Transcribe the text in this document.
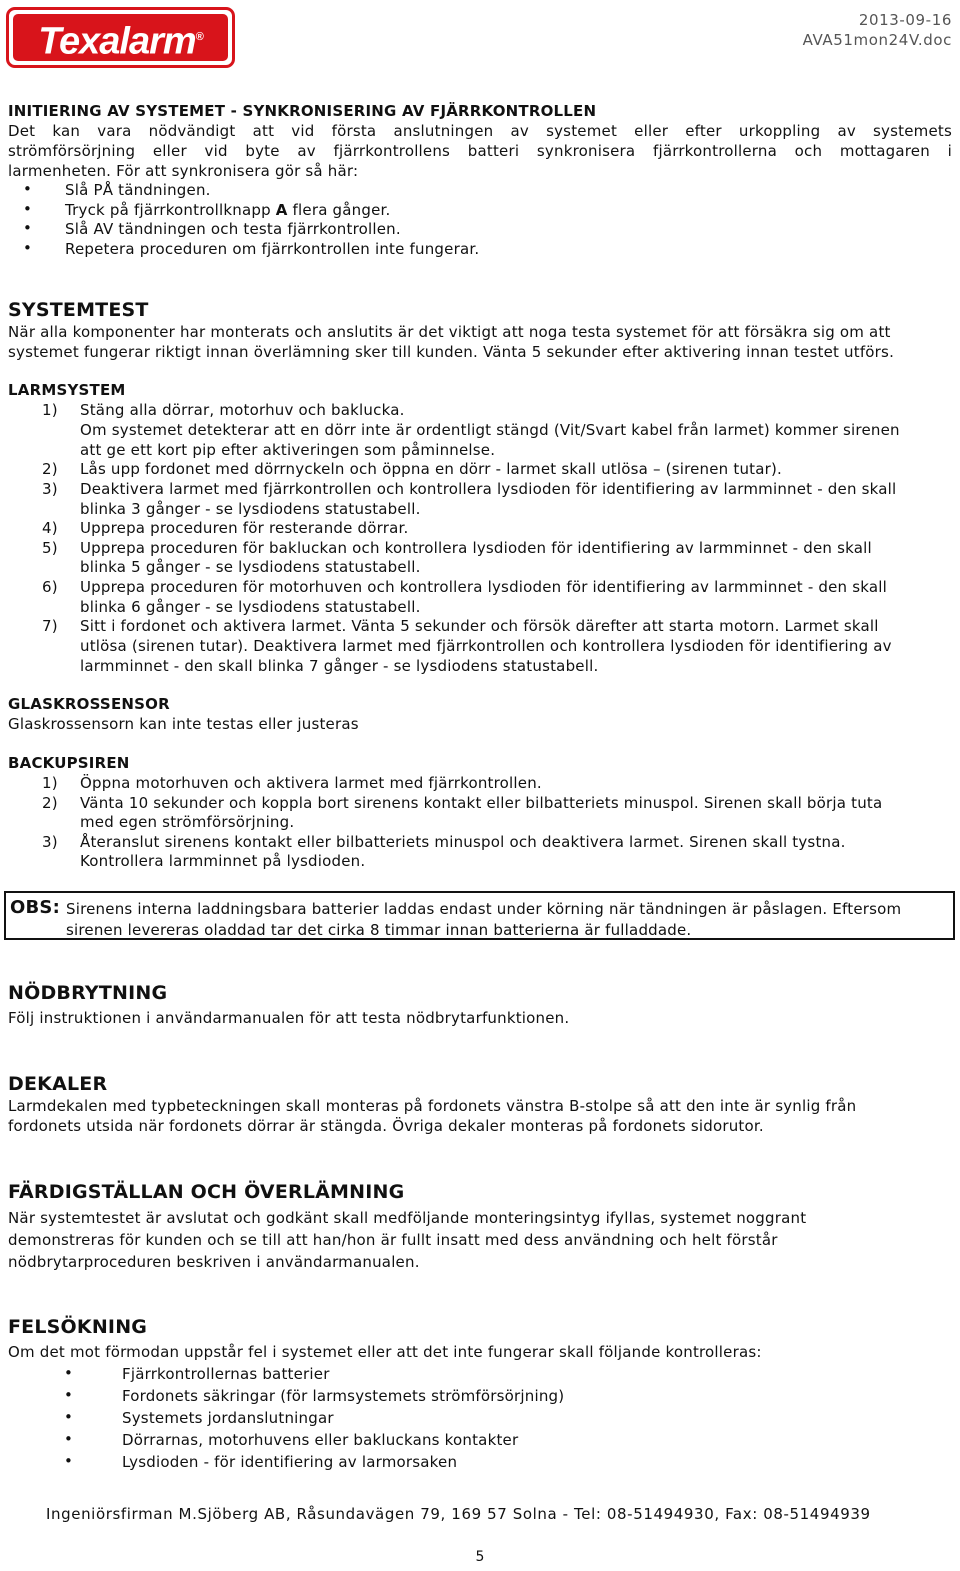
Texalarm®
2013-09-16
AVA51mon24V.doc
INITIERING AV SYSTEMET - SYNKRONISERING AV FJÄRRKONTROLLEN
Det kan vara nödvändigt att vid första anslutningen av systemet eller efter urkoppling av systemets
strömförsörjning eller vid byte av fjärrkontrollens batteri synkronisera fjärrkontrollerna och mottagaren i
larmenheten. För att synkronisera gör så här:
• Slå PÅ tändningen.
• Tryck på fjärrkontrollknapp A flera gånger.
• Slå AV tändningen och testa fjärrkontrollen.
• Repetera proceduren om fjärrkontrollen inte fungerar.
SYSTEMTEST
När alla komponenter har monterats och anslutits är det viktigt att noga testa systemet för att försäkra sig om att
systemet fungerar riktigt innan överlämning sker till kunden. Vänta 5 sekunder efter aktivering innan testet utförs.
LARMSYSTEM
1) Stäng alla dörrar, motorhuv och baklucka.
Om systemet detekterar att en dörr inte är ordentligt stängd (Vit/Svart kabel från larmet) kommer sirenen
att ge ett kort pip efter aktiveringen som påminnelse.
2) Lås upp fordonet med dörrnyckeln och öppna en dörr - larmet skall utlösa – (sirenen tutar).
3) Deaktivera larmet med fjärrkontrollen och kontrollera lysdioden för identifiering av larmminnet - den skall
blinka 3 gånger - se lysdiodens statustabell.
4) Upprepa proceduren för resterande dörrar.
5) Upprepa proceduren för bakluckan och kontrollera lysdioden för identifiering av larmminnet - den skall
blinka 5 gånger - se lysdiodens statustabell.
6) Upprepa proceduren för motorhuven och kontrollera lysdioden för identifiering av larmminnet - den skall
blinka 6 gånger - se lysdiodens statustabell.
7) Sitt i fordonet och aktivera larmet. Vänta 5 sekunder och försök därefter att starta motorn. Larmet skall
utlösa (sirenen tutar). Deaktivera larmet med fjärrkontrollen och kontrollera lysdioden för identifiering av
larmminnet - den skall blinka 7 gånger - se lysdiodens statustabell.
GLASKROSSENSOR
Glaskrossensorn kan inte testas eller justeras
BACKUPSIREN
1) Öppna motorhuven och aktivera larmet med fjärrkontrollen.
2) Vänta 10 sekunder och koppla bort sirenens kontakt eller bilbatteriets minuspol. Sirenen skall börja tuta
med egen strömförsörjning.
3) Återanslut sirenens kontakt eller bilbatteriets minuspol och deaktivera larmet. Sirenen skall tystna.
Kontrollera larmminnet på lysdioden.
OBS: Sirenens interna laddningsbara batterier laddas endast under körning när tändningen är påslagen. Eftersom
sirenen levereras oladdad tar det cirka 8 timmar innan batterierna är fulladdade.
NÖDBRYTNING
Följ instruktionen i användarmanualen för att testa nödbrytarfunktionen.
DEKALER
Larmdekalen med typbeteckningen skall monteras på fordonets vänstra B-stolpe så att den inte är synlig från
fordonets utsida när fordonets dörrar är stängda. Övriga dekaler monteras på fordonets sidorutor.
FÄRDIGSTÄLLAN OCH ÖVERLÄMNING
När systemtestet är avslutat och godkänt skall medföljande monteringsintyg ifyllas, systemet noggrant
demonstreras för kunden och se till att han/hon är fullt insatt med dess användning och helt förstår
nödbrytarproceduren beskriven i användarmanualen.
FELSÖKNING
Om det mot förmodan uppstår fel i systemet eller att det inte fungerar skall följande kontrolleras:
•	Fjärrkontrollernas batterier
•	Fordonets säkringar (för larmsystemets strömförsörjning)
•	Systemets jordanslutningar
•	Dörrarnas, motorhuvens eller bakluckans kontakter
•	Lysdioden - för identifiering av larmorsaken
Ingeniörsfirman M.Sjöberg AB, Råsundavägen 79, 169 57 Solna - Tel: 08-51494930, Fax: 08-51494939
5
